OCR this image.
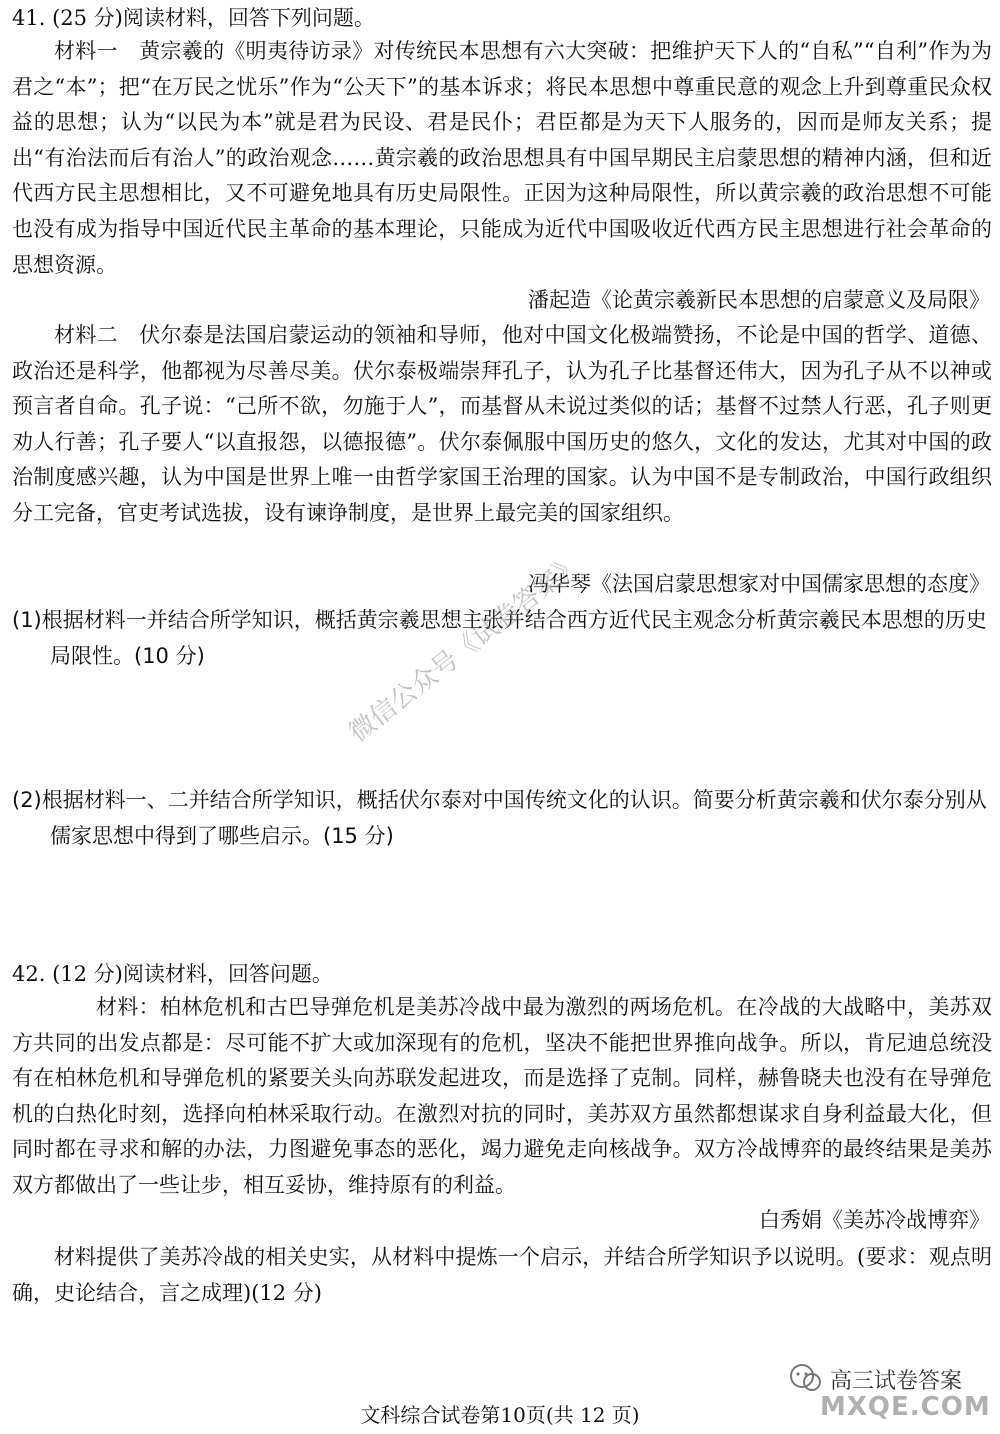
41. (25 分)阅读材料，回答下列问题。

材料一　黄宗羲的《明夷待访录》对传统民本思想有六大突破：把维护天下人的“自私”“自利”作为为君之“本”；把“在万民之忧乐”作为“公天下”的基本诉求；将民本思想中尊重民意的观念上升到尊重民众权益的思想；认为“以民为本”就是君为民设、君是民仆；君臣都是为天下人服务的，因而是师友关系；提出“有治法而后有治人”的政治观念……黄宗羲的政治思想具有中国早期民主启蒙思想的精神内涵，但和近代西方民主思想相比，又不可避免地具有历史局限性。正因为这种局限性，所以黄宗羲的政治思想不可能也没有成为指导中国近代民主革命的基本理论，只能成为近代中国吸收近代西方民主思想进行社会革命的思想资源。

潘起造《论黄宗羲新民本思想的启蒙意义及局限》

材料二　伏尔泰是法国启蒙运动的领袖和导师，他对中国文化极端赞扬，不论是中国的哲学、道德、政治还是科学，他都视为尽善尽美。伏尔泰极端崇拜孔子，认为孔子比基督还伟大，因为孔子从不以神或预言者自命。孔子说：“己所不欲，勿施于人”，而基督从未说过类似的话；基督不过禁人行恶，孔子则更劝人行善；孔子要人“以直报怨，以德报德”。伏尔泰佩服中国历史的悠久，文化的发达，尤其对中国的政治制度感兴趣，认为中国是世界上唯一由哲学家国王治理的国家。认为中国不是专制政治，中国行政组织分工完备，官吏考试选拔，设有谏诤制度，是世界上最完美的国家组织。

冯华琴《法国启蒙思想家对中国儒家思想的态度》
(1)根据材料一并结合所学知识，概括黄宗羲思想主张并结合西方近代民主观念分析黄宗羲民本思想的历史局限性。(10 分)
(2)根据材料一、二并结合所学知识，概括伏尔泰对中国传统文化的认识。简要分析黄宗羲和伏尔泰分别从儒家思想中得到了哪些启示。(15 分)
42. (12 分)阅读材料，回答问题。

材料：柏林危机和古巴导弹危机是美苏冷战中最为激烈的两场危机。在冷战的大战略中，美苏双方共同的出发点都是：尽可能不扩大或加深现有的危机，坚决不能把世界推向战争。所以，肯尼迪总统没有在柏林危机和导弹危机的紧要关头向苏联发起进攻，而是选择了克制。同样，赫鲁晓夫也没有在导弹危机的白热化时刻，选择向柏林采取行动。在激烈对抗的同时，美苏双方虽然都想谋求自身利益最大化，但同时都在寻求和解的办法，力图避免事态的恶化，竭力避免走向核战争。双方冷战博弈的最终结果是美苏双方都做出了一些让步，相互妥协，维持原有的利益。

白秀娟《美苏冷战博弈》

材料提供了美苏冷战的相关史实，从材料中提炼一个启示，并结合所学知识予以说明。(要求：观点明确，史论结合，言之成理)(12 分)

微信公众号《试卷答案》
高三试卷答案
MXQE.COM
文科综合试卷第10页(共 12 页)
